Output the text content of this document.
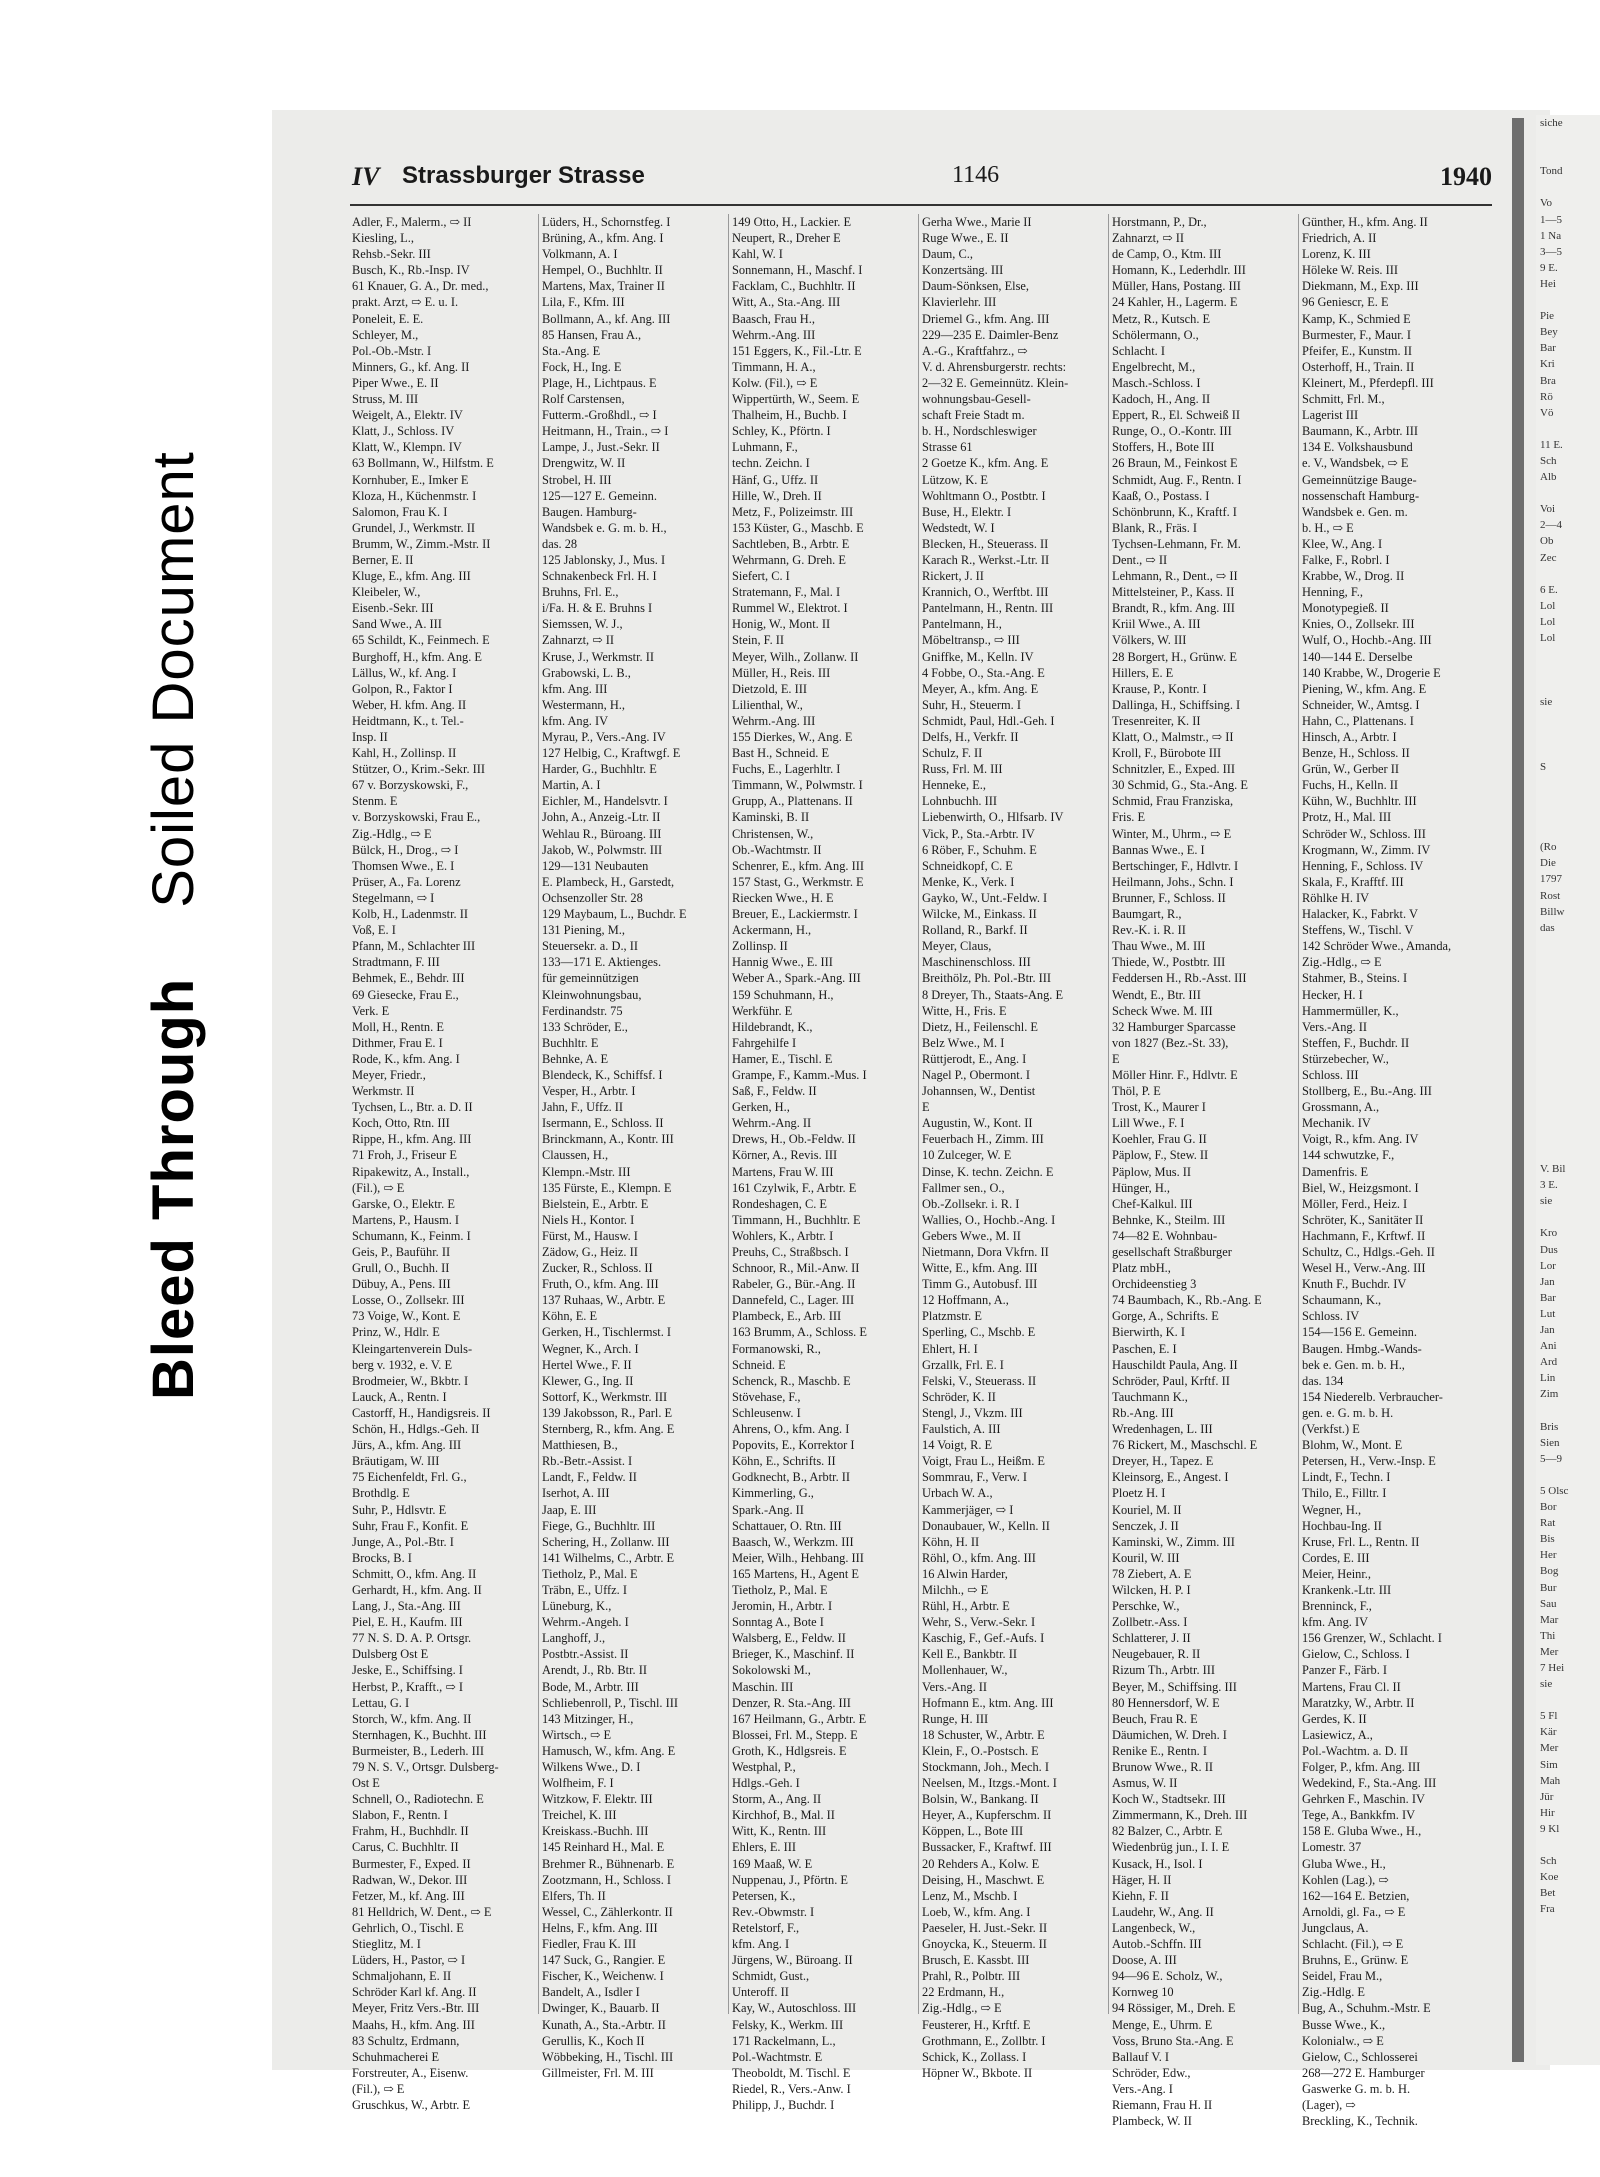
Bleed ThroughSoiled Document
IV Strassburger Strasse	1146	1940
Adler, F., Malerm., ⇨ II
Kiesling, L.,
Rehsb.-Sekr. III
Busch, K., Rb.-Insp. IV
61 Knauer, G. A., Dr. med.,
prakt. Arzt, ⇨ E. u. I.
Poneleit, E. E.
Schleyer, M.,
Pol.-Ob.-Mstr. I
Minners, G., kf. Ang. II
Piper Wwe., E. II
Struss, M. III
Weigelt, A., Elektr. IV
Klatt, J., Schloss. IV
Klatt, W., Klempn. IV
63 Bollmann, W., Hilfstm. E
Kornhuber, E., Imker E
Kloza, H., Küchenmstr. I
Salomon, Frau K. I
Grundel, J., Werkmstr. II
Brumm, W., Zimm.-Mstr. II
Berner, E. II
Kluge, E., kfm. Ang. III
Kleibeler, W.,
Eisenb.-Sekr. III
Sand Wwe., A. III
65 Schildt, K., Feinmech. E
Burghoff, H., kfm. Ang. E
Lällus, W., kf. Ang. I
Golpon, R., Faktor I
Weber, H. kfm. Ang. II
Heidtmann, K., t. Tel.-
Insp. II
Kahl, H., Zollinsp. II
Stützer, O., Krim.-Sekr. III
67 v. Borzyskowski, F.,
Stenm. E
v. Borzyskowski, Frau E.,
Zig.-Hdlg., ⇨ E
Bülck, H., Drog., ⇨ I
Thomsen Wwe., E. I
Prüser, A., Fa. Lorenz
Stegelmann, ⇨ I
Kolb, H., Ladenmstr. II
Voß, E. I
Pfann, M., Schlachter III
Stradtmann, F. III
Behmek, E., Behdr. III
69 Giesecke, Frau E.,
Verk. E
Moll, H., Rentn. E
Dithmer, Frau E. I
Rode, K., kfm. Ang. I
Meyer, Friedr.,
Werkmstr. II
Tychsen, L., Btr. a. D. II
Koch, Otto, Rtn. III
Rippe, H., kfm. Ang. III
71 Froh, J., Friseur E
Ripakewitz, A., Install.,
(Fil.), ⇨ E
Garske, O., Elektr. E
Martens, P., Hausm. I
Schumann, K., Feinm. I
Geis, P., Bauführ. II
Grull, O., Buchh. II
Dübuy, A., Pens. III
Losse, O., Zollsekr. III
73 Voige, W., Kont. E
Prinz, W., Hdlr. E
Kleingartenverein Duls-
berg v. 1932, e. V. E
Brodmeier, W., Bkbtr. I
Lauck, A., Rentn. I
Castorff, H., Handigsreis. II
Schön, H., Hdlgs.-Geh. II
Jürs, A., kfm. Ang. III
Bräutigam, W. III
75 Eichenfeldt, Frl. G.,
Brothdlg. E
Suhr, P., Hdlsvtr. E
Suhr, Frau F., Konfit. E
Junge, A., Pol.-Btr. I
Brocks, B. I
Schmitt, O., kfm. Ang. II
Gerhardt, H., kfm. Ang. II
Lang, J., Sta.-Ang. III
Piel, E. H., Kaufm. III
77 N. S. D. A. P. Ortsgr.
Dulsberg Ost E
Jeske, E., Schiffsing. I
Herbst, P., Krafft., ⇨ I
Lettau, G. I
Storch, W., kfm. Ang. II
Sternhagen, K., Buchht. III
Burmeister, B., Lederh. III
79 N. S. V., Ortsgr. Dulsberg-
Ost E
Schnell, O., Radiotechn. E
Slabon, F., Rentn. I
Frahm, H., Buchhdlr. II
Carus, C. Buchhltr. II
Burmester, F., Exped. II
Radwan, W., Dekor. III
Fetzer, M., kf. Ang. III
81 Helldrich, W. Dent., ⇨ E
Gehrlich, O., Tischl. E
Stieglitz, M. I
Lüders, H., Pastor, ⇨ I
Schmaljohann, E. II
Schröder Karl kf. Ang. II
Meyer, Fritz Vers.-Btr. III
Maahs, H., kfm. Ang. III
83 Schultz, Erdmann,
Schuhmacherei E
Forstreuter, A., Eisenw.
(Fil.), ⇨ E
Gruschkus, W., Arbtr. E
Lüders, H., Schornstfeg. I
Brüning, A., kfm. Ang. I
Volkmann, A. I
Hempel, O., Buchhltr. II
Martens, Max, Trainer II
Lila, F., Kfm. III
Bollmann, A., kf. Ang. III
85 Hansen, Frau A.,
Sta.-Ang. E
Fock, H., Ing. E
Plage, H., Lichtpaus. E
Rolf Carstensen,
Futterm.-Großhdl., ⇨ I
Heitmann, H., Train., ⇨ I
Lampe, J., Just.-Sekr. II
Drengwitz, W. II
Strobel, H. III
125—127 E. Gemeinn.
Baugen. Hamburg-
Wandsbek e. G. m. b. H.,
das. 28
125 Jablonsky, J., Mus. I
Schnakenbeck Frl. H. I
Bruhns, Frl. E.,
i/Fa. H. & E. Bruhns I
Siemssen, W. J.,
Zahnarzt, ⇨ II
Kruse, J., Werkmstr. II
Grabowski, L. B.,
kfm. Ang. III
Westermann, H.,
kfm. Ang. IV
Myrau, P., Vers.-Ang. IV
127 Helbig, C., Kraftwgf. E
Harder, G., Buchhltr. E
Martin, A. I
Eichler, M., Handelsvtr. I
John, A., Anzeig.-Ltr. II
Wehlau R., Büroang. III
Jakob, W., Polwmstr. III
129—131 Neubauten
E. Plambeck, H., Garstedt,
Ochsenzoller Str. 28
129 Maybaum, L., Buchdr. E
131 Piening, M.,
Steuersekr. a. D., II
133—171 E. Aktienges.
für gemeinnützigen
Kleinwohnungsbau,
Ferdinandstr. 75
133 Schröder, E.,
Buchhltr. E
Behnke, A. E
Blendeck, K., Schiffsf. I
Vesper, H., Arbtr. I
Jahn, F., Uffz. II
Isermann, E., Schloss. II
Brinckmann, A., Kontr. III
Claussen, H.,
Klempn.-Mstr. III
135 Fürste, E., Klempn. E
Bielstein, E., Arbtr. E
Niels H., Kontor. I
Fürst, M., Hausw. I
Zädow, G., Heiz. II
Zucker, R., Schloss. II
Fruth, O., kfm. Ang. III
137 Ruhaas, W., Arbtr. E
Köhn, E. E
Gerken, H., Tischlermst. I
Wegner, K., Arch. I
Hertel Wwe., F. II
Klewer, G., Ing. II
Sottorf, K., Werkmstr. III
139 Jakobsson, R., Parl. E
Sternberg, R., kfm. Ang. E
Matthiesen, B.,
Rb.-Betr.-Assist. I
Landt, F., Feldw. II
Iserhot, A. III
Jaap, E. III
Fiege, G., Buchhltr. III
Schering, H., Zollanw. III
141 Wilhelms, C., Arbtr. E
Tietholz, P., Mal. E
Träbn, E., Uffz. I
Lüneburg, K.,
Wehrm.-Angeh. I
Langhoff, J.,
Postbtr.-Assist. II
Arendt, J., Rb. Btr. II
Bode, M., Arbtr. III
Schliebenroll, P., Tischl. III
143 Mitzinger, H.,
Wirtsch., ⇨ E
Hamusch, W., kfm. Ang. E
Wilkens Wwe., D. I
Wolfheim, F. I
Witzkow, F. Elektr. III
Treichel, K. III
Kreiskass.-Buchh. III
145 Reinhard H., Mal. E
Brehmer R., Bühnenarb. E
Zootzmann, H., Schloss. I
Elfers, Th. II
Wessel, C., Zählerkontr. II
Helns, F., kfm. Ang. III
Fiedler, Frau K. III
147 Suck, G., Rangier. E
Fischer, K., Weichenw. I
Bandelt, A., Isdler I
Dwinger, K., Bauarb. II
Kunath, A., Sta.-Arbtr. II
Gerullis, K., Koch II
Wöbbeking, H., Tischl. III
Gillmeister, Frl. M. III
149 Otto, H., Lackier. E
Neupert, R., Dreher E
Kahl, W. I
Sonnemann, H., Maschf. I
Facklam, C., Buchhltr. II
Witt, A., Sta.-Ang. III
Baasch, Frau H.,
Wehrm.-Ang. III
151 Eggers, K., Fil.-Ltr. E
Timmann, H. A.,
Kolw. (Fil.), ⇨ E
Wippertürth, W., Seem. E
Thalheim, H., Buchb. I
Schley, K., Pförtn. I
Luhmann, F.,
techn. Zeichn. I
Hänf, G., Uffz. II
Hille, W., Dreh. II
Metz, F., Polizeimstr. III
153 Küster, G., Maschb. E
Sachtleben, B., Arbtr. E
Wehrmann, G. Dreh. E
Siefert, C. I
Stratemann, F., Mal. I
Rummel W., Elektrot. I
Honig, W., Mont. II
Stein, F. II
Meyer, Wilh., Zollanw. II
Müller, H., Reis. III
Dietzold, E. III
Lilienthal, W.,
Wehrm.-Ang. III
155 Dierkes, W., Ang. E
Bast H., Schneid. E
Fuchs, E., Lagerhltr. I
Timmann, W., Polwmstr. I
Grupp, A., Plattenans. II
Kaminski, B. II
Christensen, W.,
Ob.-Wachtmstr. II
Schenrer, E., kfm. Ang. III
157 Stast, G., Werkmstr. E
Riecken Wwe., H. E
Breuer, E., Lackiermstr. I
Ackermann, H.,
Zollinsp. II
Hannig Wwe., E. III
Weber A., Spark.-Ang. III
159 Schuhmann, H.,
Werkführ. E
Hildebrandt, K.,
Fahrgehilfe I
Hamer, E., Tischl. E
Grampe, F., Kamm.-Mus. I
Saß, F., Feldw. II
Gerken, H.,
Wehrm.-Ang. II
Drews, H., Ob.-Feldw. II
Körner, A., Revis. III
Martens, Frau W. III
161 Czylwik, F., Arbtr. E
Rondeshagen, C. E
Timmann, H., Buchhltr. E
Wohlers, K., Arbtr. I
Preuhs, C., Straßbsch. I
Schnoor, R., Mil.-Anw. II
Rabeler, G., Bür.-Ang. II
Dannefeld, C., Lager. III
Plambeck, E., Arb. III
163 Brumm, A., Schloss. E
Formanowski, R.,
Schneid. E
Schenck, R., Maschb. E
Stövehase, F.,
Schleusenw. I
Ahrens, O., kfm. Ang. I
Popovits, E., Korrektor I
Köhn, E., Schrifts. II
Godknecht, B., Arbtr. II
Kimmerling, G.,
Spark.-Ang. II
Schattauer, O. Rtn. III
Baasch, W., Werkzm. III
Meier, Wilh., Hehbang. III
165 Martens, H., Agent E
Tietholz, P., Mal. E
Jeromin, H., Arbtr. I
Sonntag A., Bote I
Walsberg, E., Feldw. II
Brieger, K., Maschinf. II
Sokolowski M.,
Maschin. III
Denzer, R. Sta.-Ang. III
167 Heilmann, G., Arbtr. E
Blossei, Frl. M., Stepp. E
Groth, K., Hdlgsreis. E
Westphal, P.,
Hdlgs.-Geh. I
Storm, A., Ang. II
Kirchhof, B., Mal. II
Witt, K., Rentn. III
Ehlers, E. III
169 Maaß, W. E
Nuppenau, J., Pförtn. E
Petersen, K.,
Rev.-Obwmstr. I
Retelstorf, F.,
kfm. Ang. I
Jürgens, W., Büroang. II
Schmidt, Gust.,
Unteroff. II
Kay, W., Autoschloss. III
Felsky, K., Werkm. III
171 Rackelmann, L.,
Pol.-Wachtmstr. E
Theoboldt, M. Tischl. E
Riedel, R., Vers.-Anw. I
Philipp, J., Buchdr. I
Gerha Wwe., Marie II
Ruge Wwe., E. II
Daum, C.,
Konzertsäng. III
Daum-Sönksen, Else,
Klavierlehr. III
Driemel G., kfm. Ang. III
229—235 E. Daimler-Benz
A.-G., Kraftfahrz., ⇨
V. d. Ahrensburgerstr. rechts:
2—32 E. Gemeinnütz. Klein-
wohnungsbau-Gesell-
schaft Freie Stadt m.
b. H., Nordschleswiger
Strasse 61
2 Goetze K., kfm. Ang. E
Lützow, K. E
Wohltmann O., Postbtr. I
Buse, H., Elektr. I
Wedstedt, W. I
Blecken, H., Steuerass. II
Karach R., Werkst.-Ltr. II
Rickert, J. II
Krannich, O., Werftbt. III
Pantelmann, H., Rentn. III
Pantelmann, H.,
Möbeltransp., ⇨ III
Gniffke, M., Kelln. IV
4 Fobbe, O., Sta.-Ang. E
Meyer, A., kfm. Ang. E
Suhr, H., Steuerm. I
Schmidt, Paul, Hdl.-Geh. I
Delfs, H., Verkfr. II
Schulz, F. II
Russ, Frl. M. III
Henneke, E.,
Lohnbuchh. III
Liebenwirth, O., Hlfsarb. IV
Vick, P., Sta.-Arbtr. IV
6 Röber, F., Schuhm. E
Schneidkopf, C. E
Menke, K., Verk. I
Gayko, W., Unt.-Feldw. I
Wilcke, M., Einkass. II
Rolland, R., Barkf. II
Meyer, Claus,
Maschinenschloss. III
Breithölz, Ph. Pol.-Btr. III
8 Dreyer, Th., Staats-Ang. E
Witte, H., Fris. E
Dietz, H., Feilenschl. E
Belz Wwe., M. I
Rüttjerodt, E., Ang. I
Nagel P., Obermont. I
Johannsen, W., Dentist
E
Augustin, W., Kont. II
Feuerbach H., Zimm. III
10 Zulceger, W. E
Dinse, K. techn. Zeichn. E
Fallmer sen., O.,
Ob.-Zollsekr. i. R. I
Wallies, O., Hochb.-Ang. I
Gebers Wwe., M. II
Nietmann, Dora Vkfrn. II
Witte, E., kfm. Ang. III
Timm G., Autobusf. III
12 Hoffmann, A.,
Platzmstr. E
Sperling, C., Mschb. E
Ehlert, H. I
Grzallk, Frl. E. I
Felski, V., Steuerass. II
Schröder, K. II
Stengl, J., Vkzm. III
Faulstich, A. III
14 Voigt, R. E
Voigt, Frau L., Heißm. E
Sommrau, F., Verw. I
Urbach W. A.,
Kammerjäger, ⇨ I
Donaubauer, W., Kelln. II
Köhn, H. II
Röhl, O., kfm. Ang. III
16 Alwin Harder,
Milchh., ⇨ E
Rühl, H., Arbtr. E
Wehr, S., Verw.-Sekr. I
Kaschig, F., Gef.-Aufs. I
Kell E., Bankbtr. II
Mollenhauer, W.,
Vers.-Ang. II
Hofmann E., ktm. Ang. III
Runge, H. III
18 Schuster, W., Arbtr. E
Klein, F., O.-Postsch. E
Stockmann, Joh., Mech. I
Neelsen, M., Itzgs.-Mont. I
Bolsin, W., Bankang. II
Heyer, A., Kupferschm. II
Köppen, L., Bote III
Bussacker, F., Kraftwf. III
20 Rehders A., Kolw. E
Deising, H., Maschwt. E
Lenz, M., Mschb. I
Loeb, W., kfm. Ang. I
Paeseler, H. Just.-Sekr. II
Gnoycka, K., Steuerm. II
Brusch, E. Kassbt. III
Prahl, R., Polbtr. III
22 Erdmann, H.,
Zig.-Hdlg., ⇨ E
Feusterer, H., Krftf. E
Grothmann, E., Zollbtr. I
Schick, K., Zollass. I
Höpner W., Bkbote. II
Horstmann, P., Dr.,
Zahnarzt, ⇨ II
de Camp, O., Ktm. III
Homann, K., Lederhdlr. III
Müller, Hans, Postang. III
24 Kahler, H., Lagerm. E
Metz, R., Kutsch. E
Schölermann, O.,
Schlacht. I
Engelbrecht, M.,
Masch.-Schloss. I
Kadoch, H., Ang. II
Eppert, R., El. Schweiß II
Runge, O., O.-Kontr. III
Stoffers, H., Bote III
26 Braun, M., Feinkost E
Schmidt, Aug. F., Rentn. I
Kaaß, O., Postass. I
Schönbrunn, K., Kraftf. I
Blank, R., Fräs. I
Tychsen-Lehmann, Fr. M.
Dent., ⇨ II
Lehmann, R., Dent., ⇨ II
Mittelsteiner, P., Kass. II
Brandt, R., kfm. Ang. III
Kriil Wwe., A. III
Völkers, W. III
28 Borgert, H., Grünw. E
Hillers, E. E
Krause, P., Kontr. I
Dallinga, H., Schiffsing. I
Tresenreiter, K. II
Klatt, O., Malmstr., ⇨ II
Kroll, F., Bürobote III
Schnitzler, E., Exped. III
30 Schmid, G., Sta.-Ang. E
Schmid, Frau Franziska,
Fris. E
Winter, M., Uhrm., ⇨ E
Bannas Wwe., E. I
Bertschinger, F., Hdlvtr. I
Heilmann, Johs., Schn. I
Brunner, F., Schloss. II
Baumgart, R.,
Rev.-K. i. R. II
Thau Wwe., M. III
Thiede, W., Postbtr. III
Feddersen H., Rb.-Asst. III
Wendt, E., Btr. III
Scheck Wwe. M. III
32 Hamburger Sparcasse
von 1827 (Bez.-St. 33),
E
Möller Hinr. F., Hdlvtr. E
Thöl, P. E
Trost, K., Maurer I
Lill Wwe., F. I
Koehler, Frau G. II
Päplow, F., Stew. II
Päplow, Mus. II
Hünger, H.,
Chef-Kalkul. III
Behnke, K., Steilm. III
74—82 E. Wohnbau-
gesellschaft Straßburger
Platz mbH.,
Orchideenstieg 3
74 Baumbach, K., Rb.-Ang. E
Gorge, A., Schrifts. E
Bierwirth, K. I
Paschen, E. I
Hauschildt Paula, Ang. II
Schröder, Paul, Krftf. II
Tauchmann K.,
Rb.-Ang. III
Wredenhagen, L. III
76 Rickert, M., Maschschl. E
Dreyer, H., Tapez. E
Kleinsorg, E., Angest. I
Ploetz H. I
Kouriel, M. II
Senczek, J. II
Kaminski, W., Zimm. III
Kouril, W. III
78 Ziebert, A. E
Wilcken, H. P. I
Perschke, W.,
Zollbetr.-Ass. I
Schlatterer, J. II
Neugebauer, R. II
Rizum Th., Arbtr. III
Beyer, M., Schiffsing. III
80 Hennersdorf, W. E
Beuch, Frau R. E
Däumichen, W. Dreh. I
Renike E., Rentn. I
Brunow Wwe., R. II
Asmus, W. II
Koch W., Stadtsekr. III
Zimmermann, K., Dreh. III
82 Balzer, C., Arbtr. E
Wiedenbrüg jun., I. I. E
Kusack, H., Isol. I
Häger, H. II
Kiehn, F. II
Laudehr, W., Ang. II
Langenbeck, W.,
Autob.-Schffn. III
Doose, A. III
94—96 E. Scholz, W.,
Kornweg 10
94 Rössiger, M., Dreh. E
Menge, E., Uhrm. E
Voss, Bruno Sta.-Ang. E
Ballauf V. I
Schröder, Edw.,
Vers.-Ang. I
Riemann, Frau H. II
Plambeck, W. II
Günther, H., kfm. Ang. II
Friedrich, A. II
Lorenz, K. III
Höleke W. Reis. III
Diekmann, M., Exp. III
96 Geniescr, E. E
Kamp, K., Schmied E
Burmester, F., Maur. I
Pfeifer, E., Kunstm. II
Osterhoff, H., Train. II
Kleinert, M., Pferdepfl. III
Schmitt, Frl. M.,
Lagerist III
Baumann, K., Arbtr. III
134 E. Volkshausbund
e. V., Wandsbek, ⇨ E
Gemeinnützige Bauge-
nossenschaft Hamburg-
Wandsbek e. Gen. m.
b. H., ⇨ E
Klee, W., Ang. I
Falke, F., Robrl. I
Krabbe, W., Drog. II
Henning, F.,
Monotypegieß. II
Knies, O., Zollsekr. III
Wulf, O., Hochb.-Ang. III
140—144 E. Derselbe
140 Krabbe, W., Drogerie E
Piening, W., kfm. Ang. E
Schneider, W., Amtsg. I
Hahn, C., Plattenans. I
Hinsch, A., Arbtr. I
Benze, H., Schloss. II
Grün, W., Gerber II
Fuchs, H., Kelln. II
Kühn, W., Buchhltr. III
Protz, H., Mal. III
Schröder W., Schloss. III
Krogmann, W., Zimm. IV
Henning, F., Schloss. IV
Skala, F., Krafftf. III
Röhlke H. IV
Halacker, K., Fabrkt. V
Steffens, W., Tischl. V
142 Schröder Wwe., Amanda,
Zig.-Hdlg., ⇨ E
Stahmer, B., Steins. I
Hecker, H. I
Hammermüller, K.,
Vers.-Ang. II
Steffen, F., Buchdr. II
Stürzebecher, W.,
Schloss. III
Stollberg, E., Bu.-Ang. III
Grossmann, A.,
Mechanik. IV
Voigt, R., kfm. Ang. IV
144 schwutzke, F.,
Damenfris. E
Biel, W., Heizgsmont. I
Möller, Ferd., Heiz. I
Schröter, K., Sanitäter II
Hachmann, F., Krftwf. II
Schultz, C., Hdlgs.-Geh. II
Wesel H., Verw.-Ang. III
Knuth F., Buchdr. IV
Schaumann, K.,
Schloss. IV
154—156 E. Gemeinn.
Baugen. Hmbg.-Wands-
bek e. Gen. m. b. H.,
das. 134
154 Niederelb. Verbraucher-
gen. e. G. m. b. H.
(Verkfst.) E
Blohm, W., Mont. E
Petersen, H., Verw.-Insp. E
Lindt, F., Techn. I
Thilo, E., Filltr. I
Wegner, H.,
Hochbau-Ing. II
Kruse, Frl. L., Rentn. II
Cordes, E. III
Meier, Heinr.,
Krankenk.-Ltr. III
Brenninck, F.,
kfm. Ang. IV
156 Grenzer, W., Schlacht. I
Gielow, C., Schloss. I
Panzer F., Färb. I
Martens, Frau Cl. II
Maratzky, W., Arbtr. II
Gerdes, K. II
Lasiewicz, A.,
Pol.-Wachtm. a. D. II
Folger, P., kfm. Ang. III
Wedekind, F., Sta.-Ang. III
Gehrken F., Maschin. IV
Tege, A., Bankkfm. IV
158 E. Gluba Wwe., H.,
Lomestr. 37
Gluba Wwe., H.,
Kohlen (Lag.), ⇨
162—164 E. Betzien,
Arnoldi, gl. Fa., ⇨ E
Jungclaus, A.
Schlacht. (Fil.), ⇨ E
Bruhns, E., Grünw. E
Seidel, Frau M.,
Zig.-Hdlg. E
Bug, A., Schuhm.-Mstr. E
Busse Wwe., K.,
Kolonialw., ⇨ E
Gielow, C., Schlosserei
268—272 E. Hamburger
Gaswerke G. m. b. H.
(Lager), ⇨
Breckling, K., Technik.
siche
Tond
Vo
1—5
1 Na
3—5
9 E.
Hei
Pie
Bey
Bar
Kri
Bra
Rö
Vö
11 E.
Sch
Alb
Voi
2—4
Ob
Zec
6 E.
Lol
Lol
Lol
sie
S
(Ro
Die
1797
Rost
Billw
das
V. Bil
3 E.
sie
Kro
Dus
Lor
Jan
Bar
Lut
Jan
Ani
Ard
Lin
Zim
Bris
Sien
5—9
5 Olsc
Bor
Rat
Bis
Her
Bog
Bur
Sau
Mar
Thi
Mer
7 Hei
sie
5 Fl
Kär
Mer
Sim
Mah
Jür
Hir
9 Kl
Sch
Koe
Bet
Fra
